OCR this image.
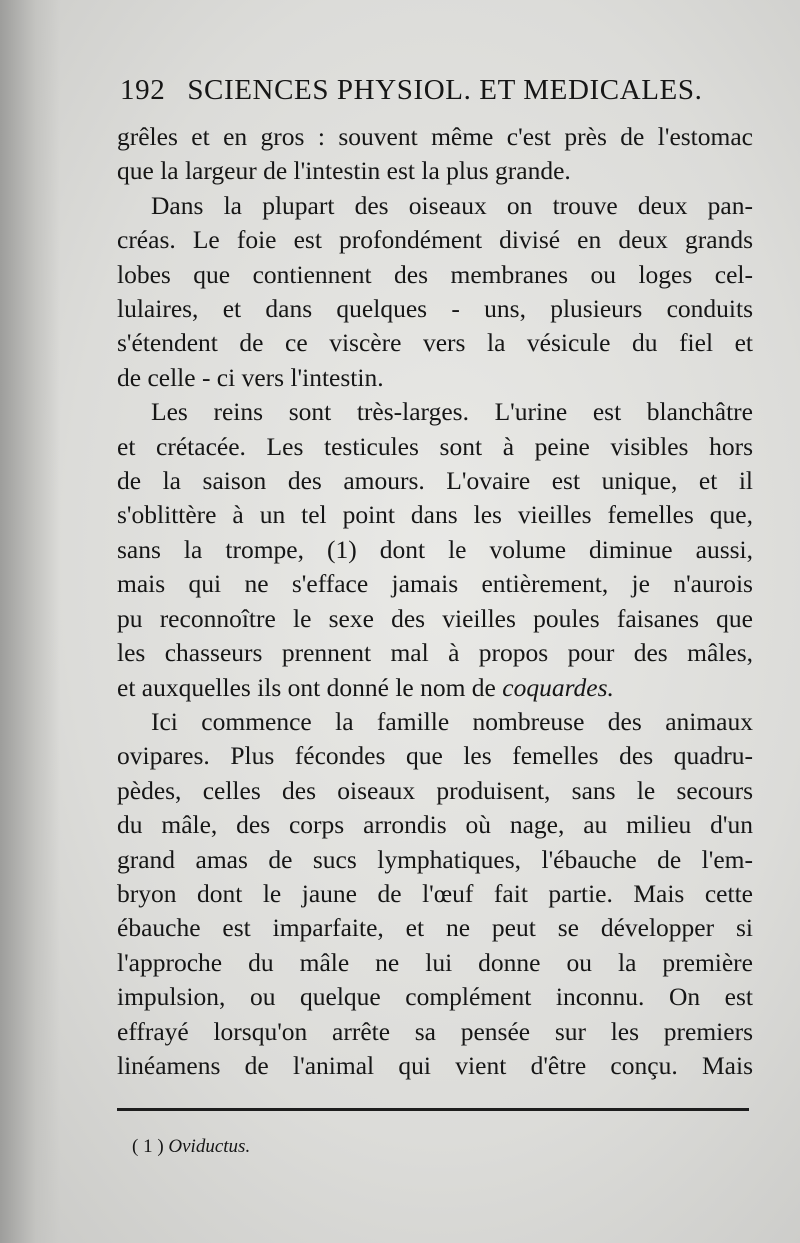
192 SCIENCES PHYSIOL. ET MEDICALES.

grêles et en gros : souvent même c'est près de l'estomac
que la largeur de l'intestin est la plus grande.

Dans la plupart des oiseaux on trouve deux pan-
créas. Le foie est profondément divisé en deux grands
lobes que contiennent des membranes ou loges cel-
lulaires, et dans quelques - uns, plusieurs conduits
s'étendent de ce viscère vers la vésicule du fiel et
de celle - ci vers l'intestin.

Les reins sont très-larges. L'urine est blanchâtre
et crétacée. Les testicules sont à peine visibles hors
de la saison des amours. L'ovaire est unique, et il
s'oblittère à un tel point dans les vieilles femelles que,
sans la trompe, (1) dont le volume diminue aussi,
mais qui ne s'efface jamais entièrement, je n'aurois
pu reconnoître le sexe des vieilles poules faisanes que
les chasseurs prennent mal à propos pour des mâles,
et auxquelles ils ont donné le nom de coquardes.

Ici commence la famille nombreuse des animaux
ovipares. Plus fécondes que les femelles des quadru-
pèdes, celles des oiseaux produisent, sans le secours
du mâle, des corps arrondis où nage, au milieu d'un
grand amas de sucs lymphatiques, l'ébauche de l'em-
bryon dont le jaune de l'œuf fait partie. Mais cette
ébauche est imparfaite, et ne peut se développer si
l'approche du mâle ne lui donne ou la première
impulsion, ou quelque complément inconnu. On est
effrayé lorsqu'on arrête sa pensée sur les premiers
linéamens de l'animal qui vient d'être conçu. Mais

( 1 ) Oviductus.
